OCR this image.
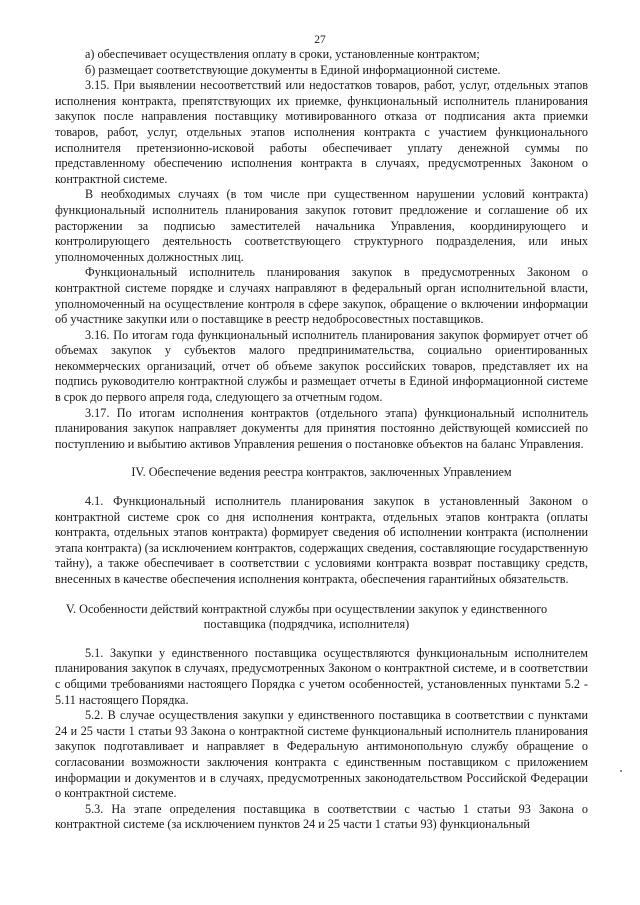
27

а) обеспечивает осуществления оплату в сроки, установленные контрактом;

б) размещает соответствующие документы в Единой информационной системе.

3.15. При выявлении несоответствий или недостатков товаров, работ, услуг, отдельных этапов исполнения контракта, препятствующих их приемке, функциональный исполнитель планирования закупок после направления поставщику мотивированного отказа от подписания акта приемки товаров, работ, услуг, отдельных этапов исполнения контракта с участием функционального исполнителя претензионно-исковой работы обеспечивает уплату денежной суммы по представленному обеспечению исполнения контракта в случаях, предусмотренных Законом о контрактной системе.

В необходимых случаях (в том числе при существенном нарушении условий контракта) функциональный исполнитель планирования закупок готовит предложение и соглашение об их расторжении за подписью заместителей начальника Управления, координирующего и контролирующего деятельность соответствующего структурного подразделения, или иных уполномоченных должностных лиц.

Функциональный исполнитель планирования закупок в предусмотренных Законом о контрактной системе порядке и случаях направляют в федеральный орган исполнительной власти, уполномоченный на осуществление контроля в сфере закупок, обращение о включении информации об участнике закупки или о поставщике в реестр недобросовестных поставщиков.

3.16. По итогам года функциональный исполнитель планирования закупок формирует отчет об объемах закупок у субъектов малого предпринимательства, социально ориентированных некоммерческих организаций, отчет об объеме закупок российских товаров, представляет их на подпись руководителю контрактной службы и размещает отчеты в Единой информационной системе в срок до первого апреля года, следующего за отчетным годом.

3.17. По итогам исполнения контрактов (отдельного этапа) функциональный исполнитель планирования закупок направляет документы для принятия постоянно действующей комиссией по поступлению и выбытию активов Управления решения о постановке объектов на баланс Управления.

IV. Обеспечение ведения реестра контрактов, заключенных Управлением

4.1. Функциональный исполнитель планирования закупок в установленный Законом о контрактной системе срок со дня исполнения контракта, отдельных этапов контракта (оплаты контракта, отдельных этапов контракта) формирует сведения об исполнении контракта (исполнении этапа контракта) (за исключением контрактов, содержащих сведения, составляющие государственную тайну), а также обеспечивает в соответствии с условиями контракта возврат поставщику средств, внесенных в качестве обеспечения исполнения контракта, обеспечения гарантийных обязательств.

V. Особенности действий контрактной службы при осуществлении закупок у единственного
поставщика (подрядчика, исполнителя)

5.1. Закупки у единственного поставщика осуществляются функциональным исполнителем планирования закупок в случаях, предусмотренных Законом о контрактной системе, и в соответствии с общими требованиями настоящего Порядка с учетом особенностей, установленных пунктами 5.2 - 5.11 настоящего Порядка.

5.2. В случае осуществления закупки у единственного поставщика в соответствии с пунктами 24 и 25 части 1 статьи 93 Закона о контрактной системе функциональный исполнитель планирования закупок подготавливает и направляет в Федеральную антимонопольную службу обращение о согласовании возможности заключения контракта с единственным поставщиком с приложением информации и документов и в случаях, предусмотренных законодательством Российской Федерации о контрактной системе.

5.3. На этапе определения поставщика в соответствии с частью 1 статьи 93 Закона о контрактной системе (за исключением пунктов 24 и 25 части 1 статьи 93) функциональный
